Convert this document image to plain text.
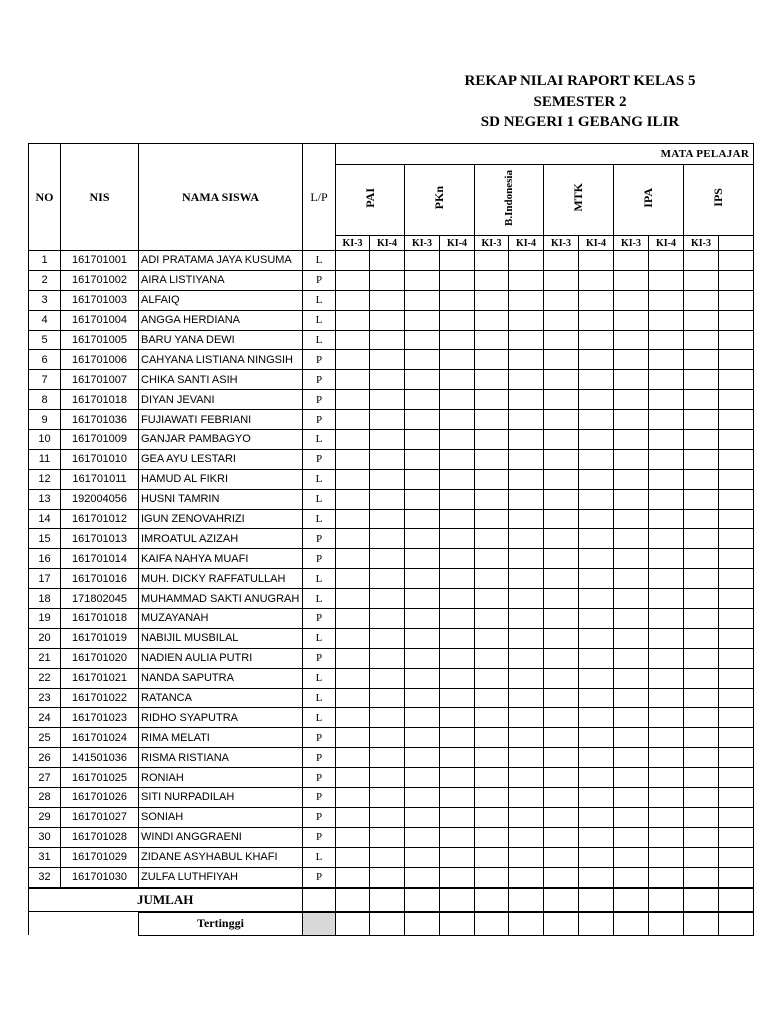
REKAP NILAI RAPORT KELAS 5
SEMESTER 2
SD NEGERI 1 GEBANG ILIR
NO	NIS	NAMA SISWA	L/P	MATA PELAJAR											
				PAI		PKn		B.Indonesia		MTK		IPA		IPS	
				KI-3	KI-4	KI-3	KI-4	KI-3	KI-4	KI-3	KI-4	KI-3	KI-4	KI-3	
1	161701001	ADI PRATAMA JAYA KUSUMA	L												
2	161701002	AIRA LISTIYANA	P												
3	161701003	ALFAIQ	L												
4	161701004	ANGGA HERDIANA	L												
5	161701005	BARU YANA DEWI	L												
6	161701006	CAHYANA LISTIANA NINGSIH	P												
7	161701007	CHIKA SANTI ASIH	P												
8	161701018	DIYAN JEVANI	P												
9	161701036	FUJIAWATI FEBRIANI	P												
10	161701009	GANJAR PAMBAGYO	L												
11	161701010	GEA AYU LESTARI	P												
12	161701011	HAMUD AL FIKRI	L												
13	192004056	HUSNI TAMRIN	L												
14	161701012	IGUN ZENOVAHRIZI	L												
15	161701013	IMROATUL AZIZAH	P												
16	161701014	KAIFA NAHYA MUAFI	P												
17	161701016	MUH. DICKY RAFFATULLAH	L												
18	171802045	MUHAMMAD SAKTI ANUGRAH	L												
19	161701018	MUZAYANAH	P												
20	161701019	NABIJIL MUSBILAL	L												
21	161701020	NADIEN AULIA PUTRI	P												
22	161701021	NANDA SAPUTRA	L												
23	161701022	RATANCA	L												
24	161701023	RIDHO SYAPUTRA	L												
25	161701024	RIMA MELATI	P												
26	141501036	RISMA RISTIANA	P												
27	161701025	RONIAH	P												
28	161701026	SITI NURPADILAH	P												
29	161701027	SONIAH	P												
30	161701028	WINDI ANGGRAENI	P												
31	161701029	ZIDANE ASYHABUL KHAFI	L												
32	161701030	ZULFA LUTHFIYAH	P												
JUMLAH															
		Tertinggi													
